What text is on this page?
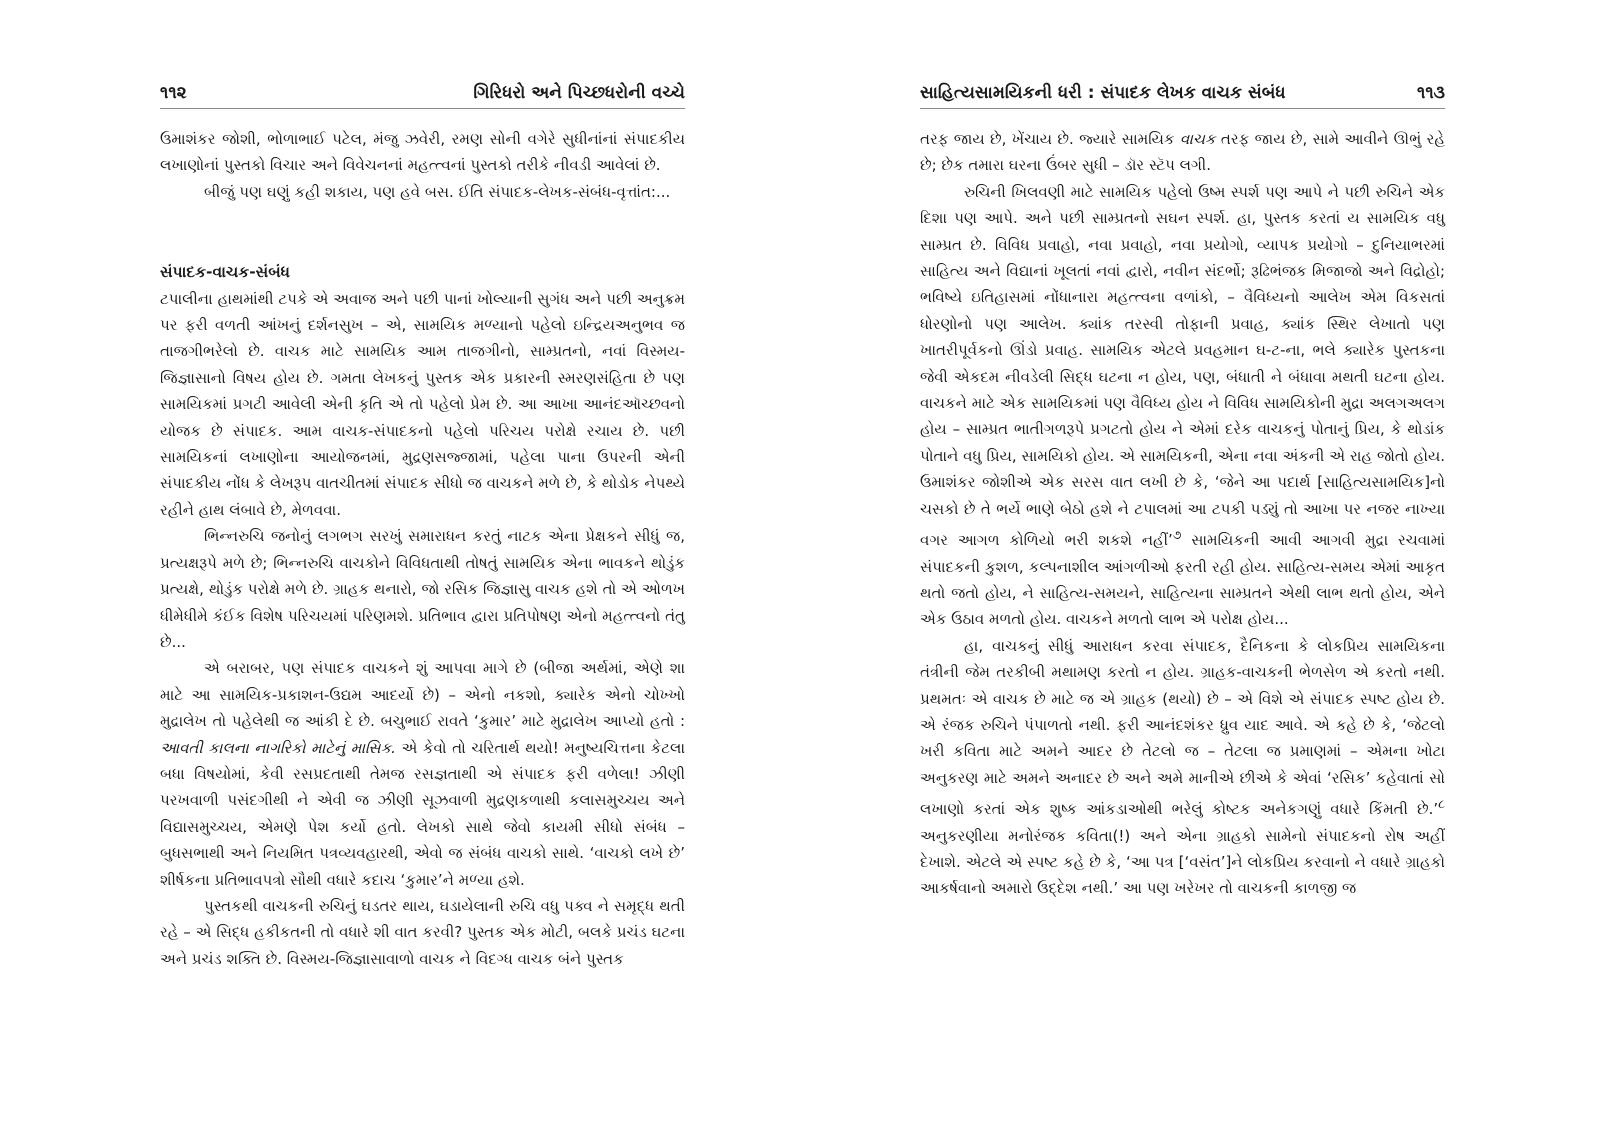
૧૧૨	ગિરિધરો અને પિચ્છધરોની વચ્ચે

ઉમાશંકર જોશી, ભોળાભાઈ પટેલ, મંજુ ઝવેરી, રમણ સોની વગેરે સુધીનાંનાં સંપાદકીય લખાણોનાં પુસ્તકો વિચાર અને વિવેચનનાં મહત્ત્વનાં પુસ્તકો તરીકે નીવડી આવેલાં છે.

બીજું પણ ઘણું કહી શકાય, પણ હવે બસ. ઈતિ સંપાદક-લેખક-સંબંધ-વૃત્તાંત:...

સંપાદક-વાચક-સંબંધ

ટપાલીના હાથમાંથી ટપકે એ અવાજ અને પછી પાનાં ખોલ્યાની સુગંધ અને પછી અનુક્રમ પર ફરી વળતી આંખનું દર્શનસુખ – એ, સામયિક મળ્યાનો પહેલો ઇન્દ્રિયઅનુભવ જ તાજગીભરેલો છે. વાચક માટે સામયિક આમ તાજગીનો, સામ્પ્રતનો, નવાં વિસ્મય-જિજ્ઞાસાનો વિષય હોય છે. ગમતા લેખકનું પુસ્તક એક પ્રકારની સ્મરણસંહિતા છે પણ સામયિકમાં પ્રગટી આવેલી એની કૃતિ એ તો પહેલો પ્રેમ છે. આ આખા આનંદઑચ્છવનો યોજક છે સંપાદક. આમ વાચક-સંપાદકનો પહેલો પરિચય પરોક્ષે રચાય છે. પછી સામયિકનાં લખાણોના આયોજનમાં, મુદ્રણસજ્જામાં, પહેલા પાના ઉપરની એની સંપાદકીય નોંધ કે લેખરૂપ વાતચીતમાં સંપાદક સીધો જ વાચકને મળે છે, કે થોડોક નેપથ્યે રહીને હાથ લંબાવે છે, મેળવવા.

ભિન્નરુચિ જનોનું લગભગ સરખું સમારાધન કરતું નાટક એના પ્રેક્ષકને સીધું જ, પ્રત્યક્ષરૂપે મળે છે; ભિન્નરુચિ વાચકોને વિવિધતાથી તોષતું સામયિક એના ભાવકને થોડુંક પ્રત્યક્ષે, થોડુંક પરોક્ષે મળે છે. ગ્રાહક થનારો, જો રસિક જિજ્ઞાસુ વાચક હશે તો એ ઓળખ ધીમેધીમે કંઈક વિશેષ પરિચયમાં પરિણમશે. પ્રતિભાવ દ્વારા પ્રતિપોષણ એનો મહત્ત્વનો તંતુ છે...

એ બરાબર, પણ સંપાદક વાચકને શું આપવા માગે છે (બીજા અર્થમાં, એણે શા માટે આ સામયિક-પ્રકાશન-ઉદ્યમ આદર્યો છે) – એનો નકશો, ક્યારેક એનો ચોખ્ખો મુદ્રાલેખ તો પહેલેથી જ આંકી દે છે. બચુભાઈ રાવતે ‘કુમાર’ માટે મુદ્રાલેખ આપ્યો હતો : આવતી કાલના નાગરિકો માટેનું માસિક. એ કેવો તો ચરિતાર્થ થયો! મનુષ્યચિત્તના કેટલા બધા વિષયોમાં, કેવી રસપ્રદતાથી તેમજ રસજ્ઞતાથી એ સંપાદક ફરી વળેલા! ઝીણી પરખવાળી પસંદગીથી ને એવી જ ઝીણી સૂઝવાળી મુદ્રણકળાથી કલાસમુચ્ચય અને વિદ્યાસમુચ્ચય, એમણે પેશ કર્યો હતો. લેખકો સાથે જેવો કાયમી સીધો સંબંધ – બુધસભાથી અને નિયમિત પત્રવ્યવહારથી, એવો જ સંબંધ વાચકો સાથે. ‘વાચકો લખે છે’ શીર્ષકના પ્રતિભાવપત્રો સૌથી વધારે કદાચ ‘કુમાર’ને મળ્યા હશે.

પુસ્તકથી વાચકની રુચિનું ઘડતર થાય, ઘડાયેલાની રુચિ વધુ પક્વ ને સમૃદ્ધ થતી રહે – એ સિદ્ધ હકીકતની તો વધારે શી વાત કરવી? પુસ્તક એક મોટી, બલકે પ્રચંડ ઘટના અને પ્રચંડ શક્તિ છે. વિસ્મય-જિજ્ઞાસાવાળો વાચક ને વિદગ્ધ વાચક બંને પુસ્તક

સાહિત્યસામયિકની ધરી : સંપાદક લેખક વાચક સંબંધ	૧૧૩

તરફ જાય છે, ખેંચાય છે. જ્યારે સામયિક વાચક તરફ જાય છે, સામે આવીને ઊભું રહે છે; છેક તમારા ઘરના ઉંબર સુધી – ડૉર સ્ટૅપ લગી.

રુચિની ખિલવણી માટે સામયિક પહેલો ઉષ્મ સ્પર્શ પણ આપે ને પછી રુચિને એક દિશા પણ આપે. અને પછી સામ્પ્રતનો સઘન સ્પર્શ. હા, પુસ્તક કરતાં ય સામયિક વધુ સામ્પ્રત છે. વિવિધ પ્રવાહો, નવા પ્રવાહો, નવા પ્રયોગો, વ્યાપક પ્રયોગો – દુનિયાભરમાં સાહિત્ય અને વિદ્યાનાં ખૂલતાં નવાં દ્વારો, નવીન સંદર્ભો; રૂઢિભંજક મિજાજો અને વિદ્રોહો; ભવિષ્યે ઇતિહાસમાં નોંધાનારા મહત્ત્વના વળાંકો, – વૈવિધ્યનો આલેખ એમ વિકસતાં ધોરણોનો પણ આલેખ. ક્યાંક તરસ્વી તોફાની પ્રવાહ, ક્યાંક સ્થિર લેખાતો પણ ખાતરીપૂર્વકનો ઊંડો પ્રવાહ. સામયિક એટલે પ્રવહમાન ઘ-ટ-ના, ભલે ક્યારેક પુસ્તકના જેવી એકદમ નીવડેલી સિદ્ધ ઘટના ન હોય, પણ, બંધાતી ને બંધાવા મથતી ઘટના હોય. વાચકને માટે એક સામયિકમાં પણ વૈવિધ્ય હોય ને વિવિધ સામયિકોની મુદ્રા અલગઅલગ હોય – સામ્પ્રત ભાતીગળરૂપે પ્રગટતો હોય ને એમાં દરેક વાચકનું પોતાનું પ્રિય, કે થોડાંક પોતાને વધુ પ્રિય, સામયિકો હોય. એ સામયિકની, એના નવા અંકની એ રાહ જોતો હોય. ઉમાશંકર જોશીએ એક સરસ વાત લખી છે કે, ‘જેને આ પદાર્થ [સાહિત્યસામયિક]નો ચસકો છે તે ભર્યે ભાણે બેઠો હશે ને ટપાલમાં આ ટપકી પડ્યું તો આખા પર નજર નાખ્યા વગર આગળ કોળિયો ભરી શકશે નહીં’$^૭$ સામયિકની આવી આગવી મુદ્રા રચવામાં સંપાદકની કુશળ, કલ્પનાશીલ આંગળીઓ ફરતી રહી હોય. સાહિત્ય-સમય એમાં આકૃત થતો જતો હોય, ને સાહિત્ય-સમયને, સાહિત્યના સામ્પ્રતને એથી લાભ થતો હોય, એને એક ઉઠાવ મળતો હોય. વાચકને મળતો લાભ એ પરોક્ષ હોય...

હા, વાચકનું સીધું આરાધન કરવા સંપાદક, દૈનિકના કે લોકપ્રિય સામયિકના તંત્રીની જેમ તરકીબી મથામણ કરતો ન હોય. ગ્રાહક-વાચકની ભેળસેળ એ કરતો નથી. પ્રથમતઃ એ વાચક છે માટે જ એ ગ્રાહક (થયો) છે – એ વિશે એ સંપાદક સ્પષ્ટ હોય છે. એ રંજક રુચિને પંપાળતો નથી. ફરી આનંદશંકર ધ્રુવ યાદ આવે. એ કહે છે કે, ‘જેટલો ખરી કવિતા માટે અમને આદર છે તેટલો જ – તેટલા જ પ્રમાણમાં – એમના ખોટા અનુકરણ માટે અમને અનાદર છે અને અમે માનીએ છીએ કે એવાં ‘રસિક’ કહેવાતાં સો લખાણો કરતાં એક શુષ્ક આંકડાઓથી ભરેલું કોષ્ટક અનેકગણું વધારે કિંમતી છે.’$^૮$ અનુકરણીયા મનોરંજક કવિતા(!) અને એના ગ્રાહકો સામેનો સંપાદકનો રોષ અહીં દેખાશે. એટલે એ સ્પષ્ટ કહે છે કે, ‘આ પત્ર [‘વસંત’]ને લોકપ્રિય કરવાનો ને વધારે ગ્રાહકો આકર્ષવાનો અમારો ઉદ્દેશ નથી.’ આ પણ ખરેખર તો વાચકની કાળજી જ
